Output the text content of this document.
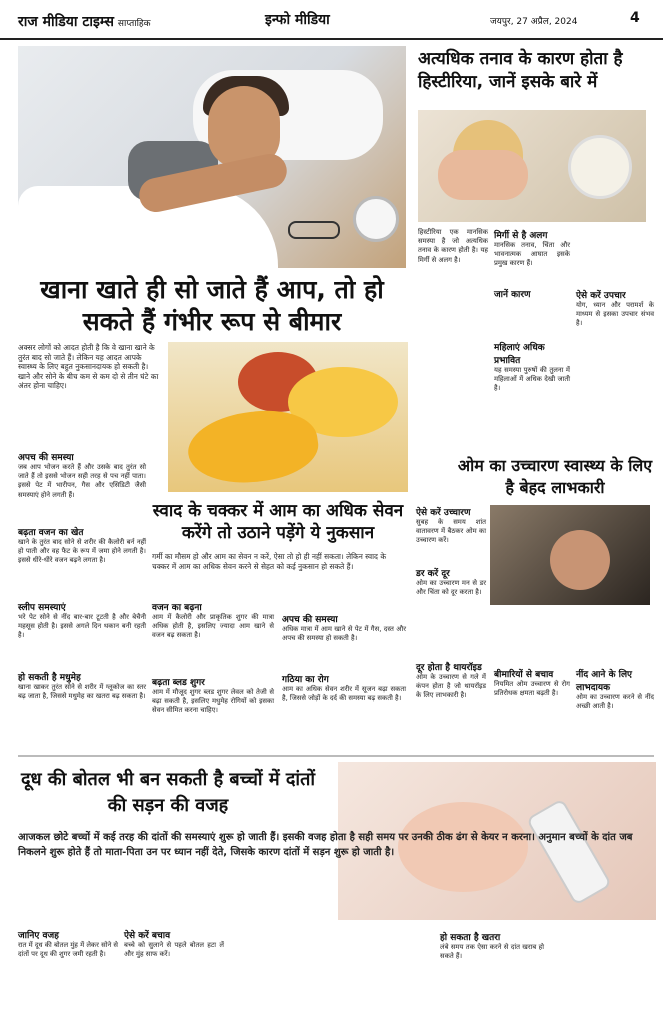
राज मीडिया टाइम्स साप्ताहिक	इन्फो मीडिया	जयपुर, 27 अप्रैल, 2024	4
खाना खाते ही सो जाते हैं आप, तो हो सकते हैं गंभीर रूप से बीमार
अक्सर लोगों को आदत होती है कि वे खाना खाने के तुरंत बाद सो जाते हैं। लेकिन यह आदत आपके स्वास्थ्य के लिए बहुत नुकसानदायक हो सकती है। खाने और सोने के बीच कम से कम दो से तीन घंटे का अंतर होना चाहिए।
अपच की समस्या
जब आप भोजन करते हैं और उसके बाद तुरंत सो जाते हैं तो इससे भोजन सही तरह से पच नहीं पाता। इससे पेट में भारीपन, गैस और एसिडिटी जैसी समस्याएं होने लगती हैं।
बढ़ता वजन का खेत
खाने के तुरंत बाद सोने से शरीर की कैलोरी बर्न नहीं हो पाती और वह फैट के रूप में जमा होने लगती है। इससे धीरे-धीरे वजन बढ़ने लगता है।
स्लीप समस्याएं
भरे पेट सोने से नींद बार-बार टूटती है और बेचैनी महसूस होती है। इससे अगले दिन थकान बनी रहती है।
हो सकती है मधुमेह
खाना खाकर तुरंत सोने से शरीर में ग्लूकोज का स्तर बढ़ जाता है, जिससे मधुमेह का खतरा बढ़ सकता है।
स्वाद के चक्कर में आम का अधिक सेवन करेंगे तो उठाने पड़ेंगे ये नुकसान
गर्मी का मौसम हो और आम का सेवन न करें, ऐसा तो हो ही नहीं सकता। लेकिन स्वाद के चक्कर में आम का अधिक सेवन करने से सेहत को कई नुकसान हो सकते हैं।
वजन का बढ़ना
आम में कैलोरी और प्राकृतिक शुगर की मात्रा अधिक होती है, इसलिए ज्यादा आम खाने से वजन बढ़ सकता है।
बढ़ता ब्लड शुगर
आम में मौजूद शुगर ब्लड शुगर लेवल को तेजी से बढ़ा सकती है, इसलिए मधुमेह रोगियों को इसका सेवन सीमित करना चाहिए।
अपच की समस्या
अधिक मात्रा में आम खाने से पेट में गैस, दस्त और अपच की समस्या हो सकती है।
गठिया का रोग
आम का अधिक सेवन शरीर में सूजन बढ़ा सकता है, जिससे जोड़ों के दर्द की समस्या बढ़ सकती है।
अत्यधिक तनाव के कारण होता है हिस्टीरिया, जानें इसके बारे में
हिस्टीरिया एक मानसिक समस्या है जो अत्यधिक तनाव के कारण होती है। यह मिर्गी से अलग है।
मिर्गी से है अलग
मानसिक तनाव, चिंता और भावनात्मक आघात इसके प्रमुख कारण हैं।
जानें कारण
महिलाएं अधिक प्रभावित
यह समस्या पुरुषों की तुलना में महिलाओं में अधिक देखी जाती है।
ऐसे करें उपचार
योग, ध्यान और परामर्श के माध्यम से इसका उपचार संभव है।
ओम का उच्चारण स्वास्थ्य के लिए है बेहद लाभकारी
ऐसे करें उच्चारण
सुबह के समय शांत वातावरण में बैठकर ओम का उच्चारण करें।
डर करें दूर
ओम का उच्चारण मन से डर और चिंता को दूर करता है।
दूर होता है थायरॉइड
ओम के उच्चारण से गले में कंपन होता है जो थायरॉइड के लिए लाभकारी है।
बीमारियों से बचाव
नियमित ओम उच्चारण से रोग प्रतिरोधक क्षमता बढ़ती है।
नींद आने के लिए लाभदायक
ओम का उच्चारण करने से नींद अच्छी आती है।
दूध की बोतल भी बन सकती है बच्चों में दांतों की सड़न की वजह
आजकल छोटे बच्चों में कई तरह की दांतों की समस्याएं शुरू हो जाती हैं। इसकी वजह होता है सही समय पर उनकी ठीक ढंग से केयर न करना। अनुमान बच्चों के दांत जब निकलने शुरू होते हैं तो माता-पिता उन पर ध्यान नहीं देते, जिसके कारण दांतों में सड़न शुरू हो जाती है।
जानिए वजह
रात में दूध की बोतल मुंह में लेकर सोने से दांतों पर दूध की शुगर जमी रहती है।
ऐसे करें बचाव
बच्चे को सुलाने से पहले बोतल हटा लें और मुंह साफ करें।
हो सकता है खतरा
लंबे समय तक ऐसा करने से दांत खराब हो सकते हैं।
